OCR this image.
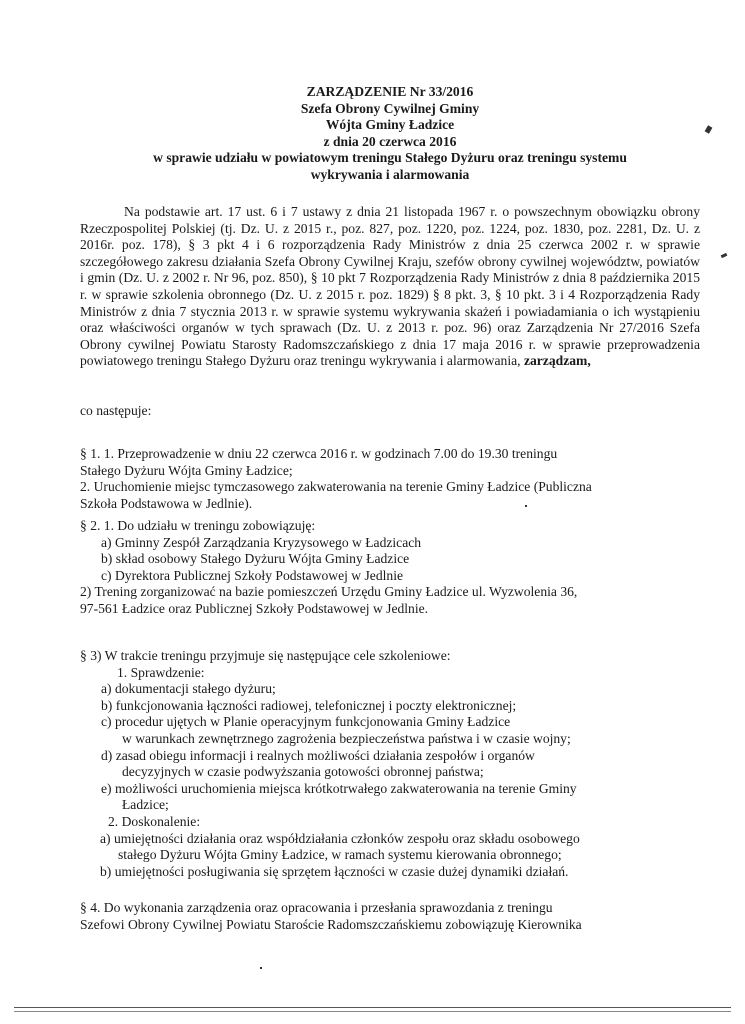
ZARZĄDZENIE Nr 33/2016
Szefa Obrony Cywilnej Gminy
Wójta Gminy Ładzice
z dnia 20 czerwca 2016
w sprawie udziału w powiatowym treningu Stałego Dyżuru oraz treningu systemu
wykrywania i alarmowania
Na podstawie art. 17 ust. 6 i 7 ustawy z dnia 21 listopada 1967 r. o powszechnym obowiązku obrony Rzeczpospolitej Polskiej (tj. Dz. U. z 2015 r., poz. 827, poz. 1220, poz. 1224, poz. 1830, poz. 2281, Dz. U. z 2016r. poz. 178), § 3 pkt 4 i 6 rozporządzenia Rady Ministrów z dnia 25 czerwca 2002 r. w sprawie szczegółowego zakresu działania Szefa Obrony Cywilnej Kraju, szefów obrony cywilnej województw, powiatów i gmin (Dz. U. z 2002 r. Nr 96, poz. 850), § 10 pkt 7 Rozporządzenia Rady Ministrów z dnia 8 października 2015 r. w sprawie szkolenia obronnego (Dz. U. z 2015 r. poz. 1829) § 8 pkt. 3, § 10 pkt. 3 i 4 Rozporządzenia Rady Ministrów z dnia 7 stycznia 2013 r. w sprawie systemu wykrywania skażeń i powiadamiania o ich wystąpieniu oraz właściwości organów w tych sprawach (Dz. U. z 2013 r. poz. 96) oraz Zarządzenia Nr 27/2016 Szefa Obrony cywilnej Powiatu Starosty Radomszczańskiego z dnia 17 maja 2016 r. w sprawie przeprowadzenia powiatowego treningu Stałego Dyżuru oraz treningu wykrywania i alarmowania, zarządzam,
co następuje:
§ 1. 1. Przeprowadzenie w dniu 22 czerwca 2016 r. w godzinach 7.00 do 19.30 treningu
Stałego Dyżuru Wójta Gminy Ładzice;
2. Uruchomienie miejsc tymczasowego zakwaterowania na terenie Gminy Ładzice (Publiczna
Szkoła Podstawowa w Jedlnie).
§ 2. 1. Do udziału w treningu zobowiązuję:
a) Gminny Zespół Zarządzania Kryzysowego w Ładzicach
b) skład osobowy Stałego Dyżuru Wójta Gminy Ładzice
c) Dyrektora Publicznej Szkoły Podstawowej w Jedlnie
2) Trening zorganizować na bazie pomieszczeń Urzędu Gminy Ładzice ul. Wyzwolenia 36,
97-561 Ładzice oraz Publicznej Szkoły Podstawowej w Jedlnie.
§ 3) W trakcie treningu przyjmuje się następujące cele szkoleniowe:
1. Sprawdzenie:
a) dokumentacji stałego dyżuru;
b) funkcjonowania łączności radiowej, telefonicznej i poczty elektronicznej;
c) procedur ujętych w Planie operacyjnym funkcjonowania Gminy Ładzice
w warunkach zewnętrznego zagrożenia bezpieczeństwa państwa i w czasie wojny;
d) zasad obiegu informacji i realnych możliwości działania zespołów i organów
decyzyjnych w czasie podwyższania gotowości obronnej państwa;
e) możliwości uruchomienia miejsca krótkotrwałego zakwaterowania na terenie Gminy
Ładzice;
2. Doskonalenie:
a) umiejętności działania oraz współdziałania członków zespołu oraz składu osobowego
stałego Dyżuru Wójta Gminy Ładzice, w ramach systemu kierowania obronnego;
b) umiejętności posługiwania się sprzętem łączności w czasie dużej dynamiki działań.
§ 4. Do wykonania zarządzenia oraz opracowania i przesłania sprawozdania z treningu
Szefowi Obrony Cywilnej Powiatu Staroście Radomszczańskiemu zobowiązuję Kierownika
